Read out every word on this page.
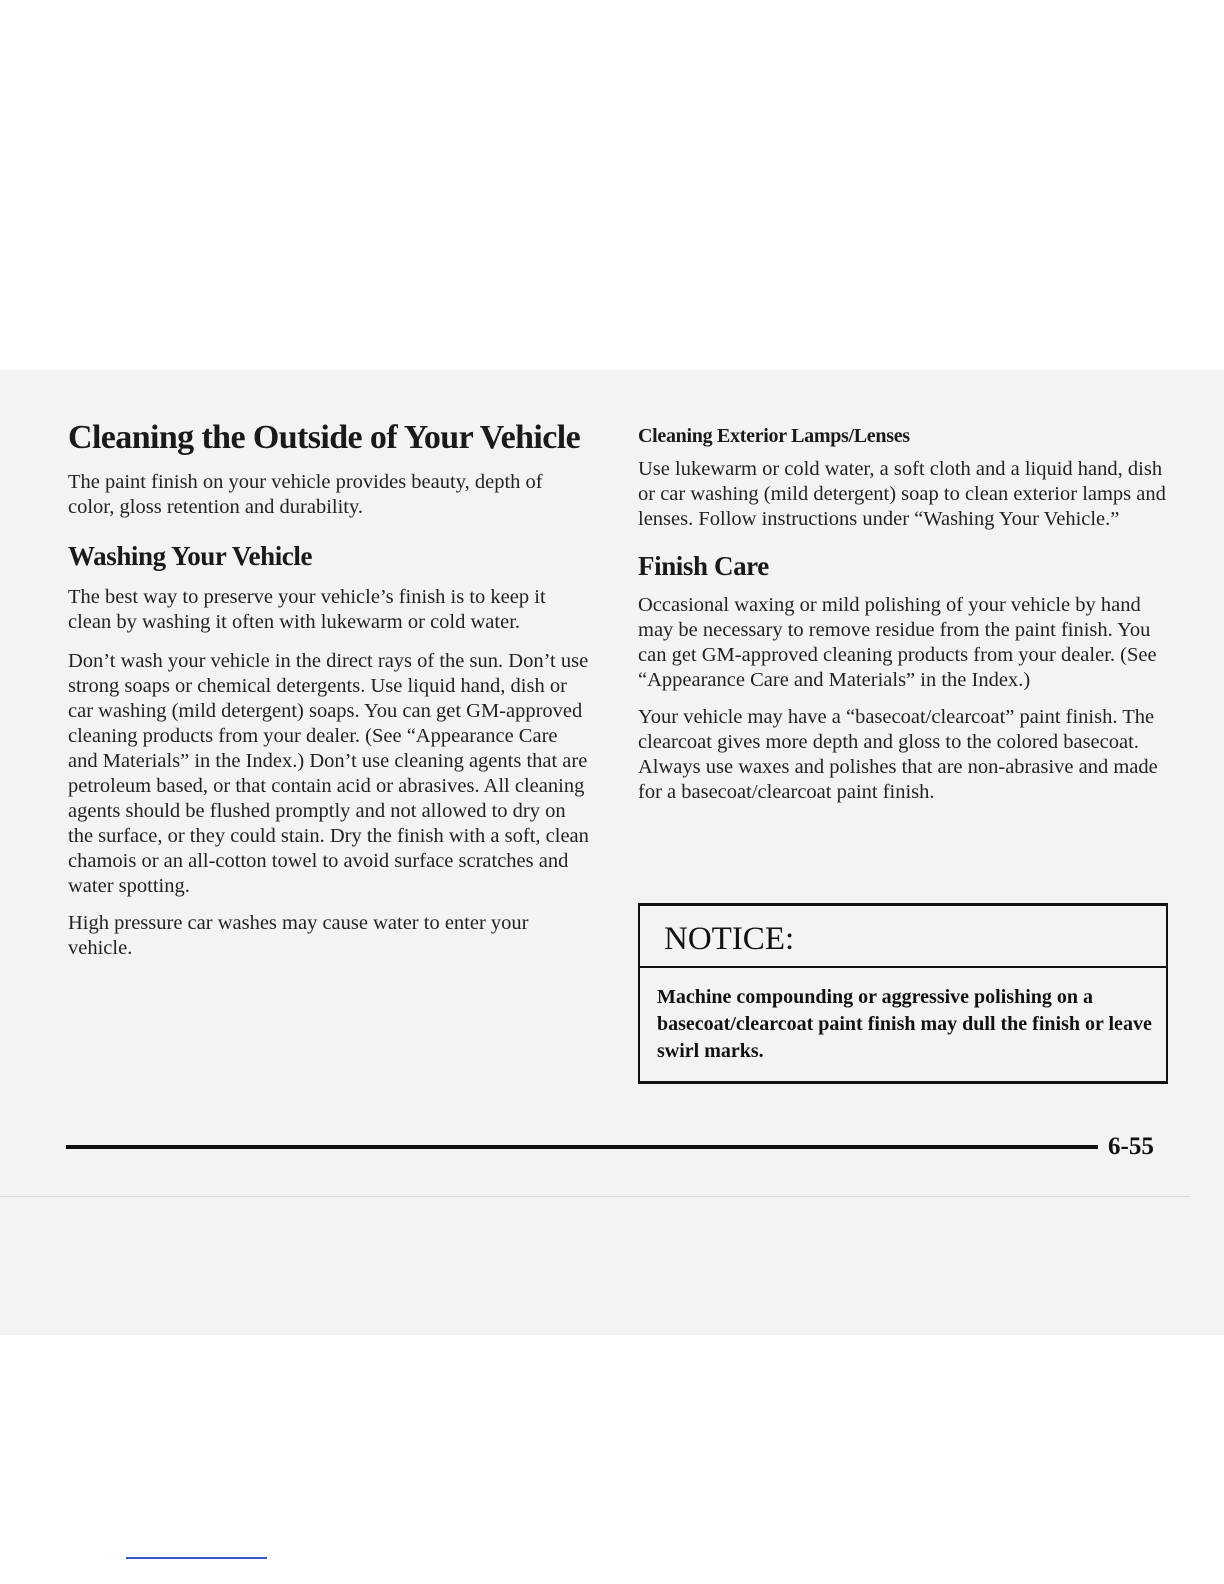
Cleaning the Outside of Your Vehicle

The paint finish on your vehicle provides beauty, depth of color, gloss retention and durability.

Washing Your Vehicle

The best way to preserve your vehicle’s finish is to keep it clean by washing it often with lukewarm or cold water.

Don’t wash your vehicle in the direct rays of the sun. Don’t use strong soaps or chemical detergents. Use liquid hand, dish or car washing (mild detergent) soaps. You can get GM-approved cleaning products from your dealer. (See “Appearance Care and Materials” in the Index.) Don’t use cleaning agents that are petroleum based, or that contain acid or abrasives. All cleaning agents should be flushed promptly and not allowed to dry on the surface, or they could stain. Dry the finish with a soft, clean chamois or an all-cotton towel to avoid surface scratches and water spotting.

High pressure car washes may cause water to enter your vehicle.

Cleaning Exterior Lamps/Lenses

Use lukewarm or cold water, a soft cloth and a liquid hand, dish or car washing (mild detergent) soap to clean exterior lamps and lenses. Follow instructions under “Washing Your Vehicle.”

Finish Care

Occasional waxing or mild polishing of your vehicle by hand may be necessary to remove residue from the paint finish. You can get GM-approved cleaning products from your dealer. (See “Appearance Care and Materials” in the Index.)

Your vehicle may have a “basecoat/clearcoat” paint finish. The clearcoat gives more depth and gloss to the colored basecoat. Always use waxes and polishes that are non-abrasive and made for a basecoat/clearcoat paint finish.

NOTICE:

Machine compounding or aggressive polishing on a basecoat/clearcoat paint finish may dull the finish or leave swirl marks.

6-55
